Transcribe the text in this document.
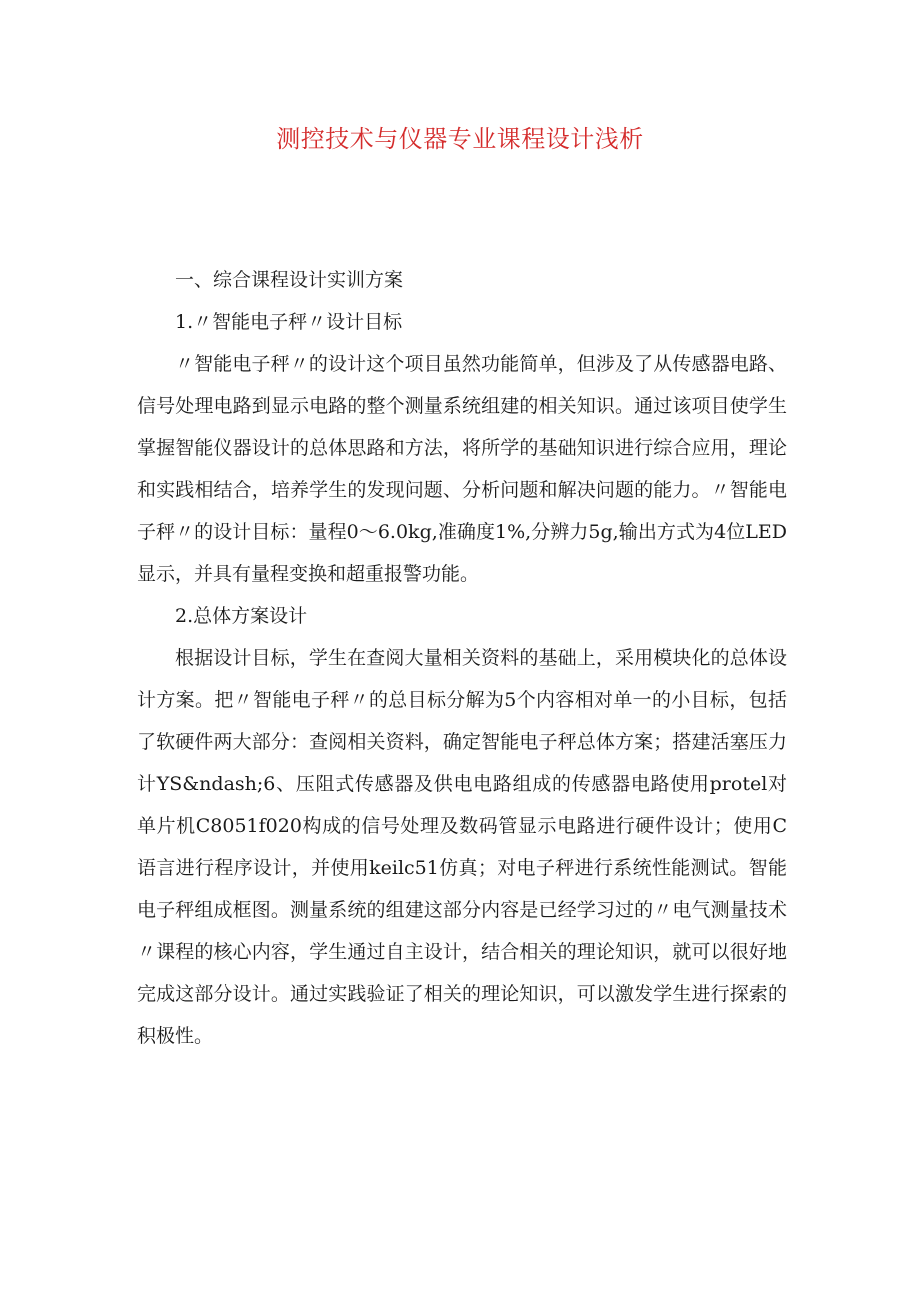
测控技术与仪器专业课程设计浅析

一、综合课程设计实训方案

1.〃智能电子秤〃设计目标

〃智能电子秤〃的设计这个项目虽然功能简单，但涉及了从传感器电路、信号处理电路到显示电路的整个测量系统组建的相关知识。通过该项目使学生掌握智能仪器设计的总体思路和方法，将所学的基础知识进行综合应用，理论和实践相结合，培养学生的发现问题、分析问题和解决问题的能力。〃智能电子秤〃的设计目标：量程0～6.0kg,准确度1%,分辨力5g,输出方式为4位LED显示，并具有量程变换和超重报警功能。

2.总体方案设计

根据设计目标，学生在查阅大量相关资料的基础上，采用模块化的总体设计方案。把〃智能电子秤〃的总目标分解为5个内容相对单一的小目标，包括了软硬件两大部分：查阅相关资料，确定智能电子秤总体方案；搭建活塞压力计YS&ndash;6、压阻式传感器及供电电路组成的传感器电路使用protel对单片机C8051f020构成的信号处理及数码管显示电路进行硬件设计；使用C语言进行程序设计，并使用keilc51仿真；对电子秤进行系统性能测试。智能电子秤组成框图。测量系统的组建这部分内容是已经学习过的〃电气测量技术〃课程的核心内容，学生通过自主设计，结合相关的理论知识，就可以很好地完成这部分设计。通过实践验证了相关的理论知识，可以激发学生进行探索的积极性。
